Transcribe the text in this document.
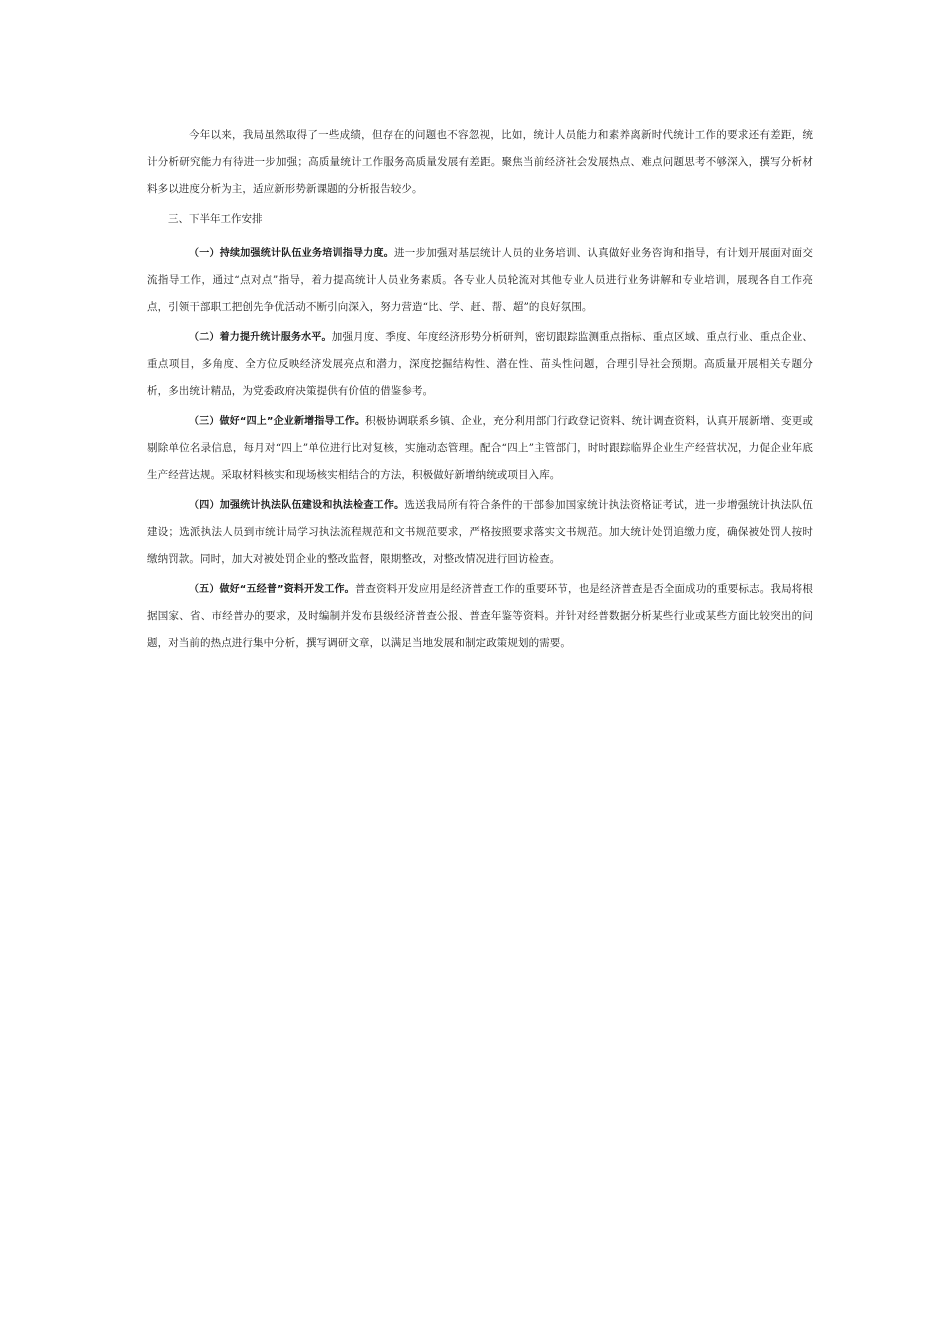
今年以来，我局虽然取得了一些成绩，但存在的问题也不容忽视，比如，统计人员能力和素养离新时代统计工作的要求还有差距，统计分析研究能力有待进一步加强；高质量统计工作服务高质量发展有差距。聚焦当前经济社会发展热点、难点问题思考不够深入，撰写分析材料多以进度分析为主，适应新形势新课题的分析报告较少。

三、下半年工作安排

（一）持续加强统计队伍业务培训指导力度。进一步加强对基层统计人员的业务培训、认真做好业务咨询和指导，有计划开展面对面交流指导工作，通过“点对点”指导，着力提高统计人员业务素质。各专业人员轮流对其他专业人员进行业务讲解和专业培训，展现各自工作亮点，引领干部职工把创先争优活动不断引向深入，努力营造“比、学、赶、帮、超”的良好氛围。

（二）着力提升统计服务水平。加强月度、季度、年度经济形势分析研判，密切跟踪监测重点指标、重点区域、重点行业、重点企业、重点项目，多角度、全方位反映经济发展亮点和潜力，深度挖掘结构性、潜在性、苗头性问题，合理引导社会预期。高质量开展相关专题分析，多出统计精品，为党委政府决策提供有价值的借鉴参考。

（三）做好“四上”企业新增指导工作。积极协调联系乡镇、企业，充分利用部门行政登记资料、统计调查资料，认真开展新增、变更或剔除单位名录信息，每月对“四上”单位进行比对复核，实施动态管理。配合“四上”主管部门，时时跟踪临界企业生产经营状况，力促企业年底生产经营达规。采取材料核实和现场核实相结合的方法，积极做好新增纳统或项目入库。

（四）加强统计执法队伍建设和执法检查工作。选送我局所有符合条件的干部参加国家统计执法资格证考试，进一步增强统计执法队伍建设；选派执法人员到市统计局学习执法流程规范和文书规范要求，严格按照要求落实文书规范。加大统计处罚追缴力度，确保被处罚人按时缴纳罚款。同时，加大对被处罚企业的整改监督，限期整改，对整改情况进行回访检查。

（五）做好“五经普”资料开发工作。普查资料开发应用是经济普查工作的重要环节，也是经济普查是否全面成功的重要标志。我局将根据国家、省、市经普办的要求，及时编制并发布县级经济普查公报、普查年鉴等资料。并针对经普数据分析某些行业或某些方面比较突出的问题，对当前的热点进行集中分析，撰写调研文章，以满足当地发展和制定政策规划的需要。
